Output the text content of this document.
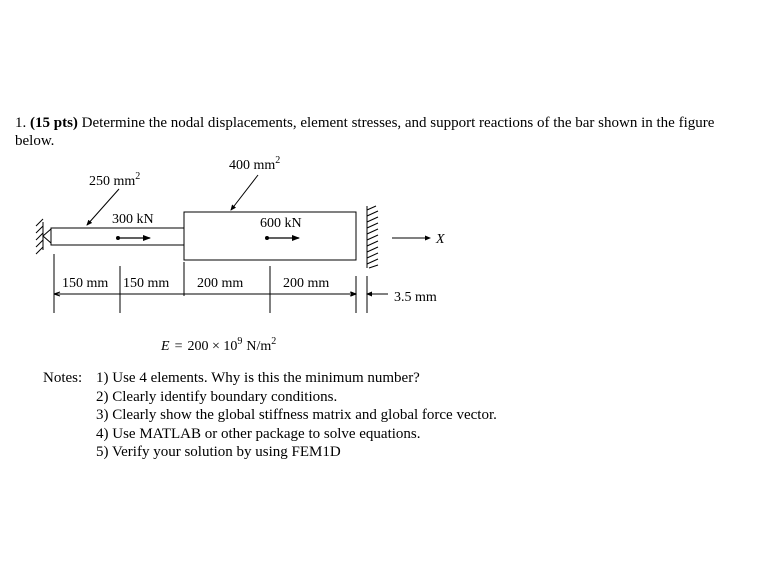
1. (15 pts) Determine the nodal displacements, element stresses, and support reactions of the bar shown in the figure below.
250 $mm^2$
400 $mm^2$
300 kN	600 kN
X
150 mm 150 mm 200 mm	200 mm
3.5 mm
$E = 200 \times 10^9$ $N/m^2$
Notes: 1) Use 4 elements. Why is this the minimum number?
2) Clearly identify boundary conditions.
3) Clearly show the global stiffness matrix and global force vector.
4) Use MATLAB or other package to solve equations.
5) Verify your solution by using FEM1D
